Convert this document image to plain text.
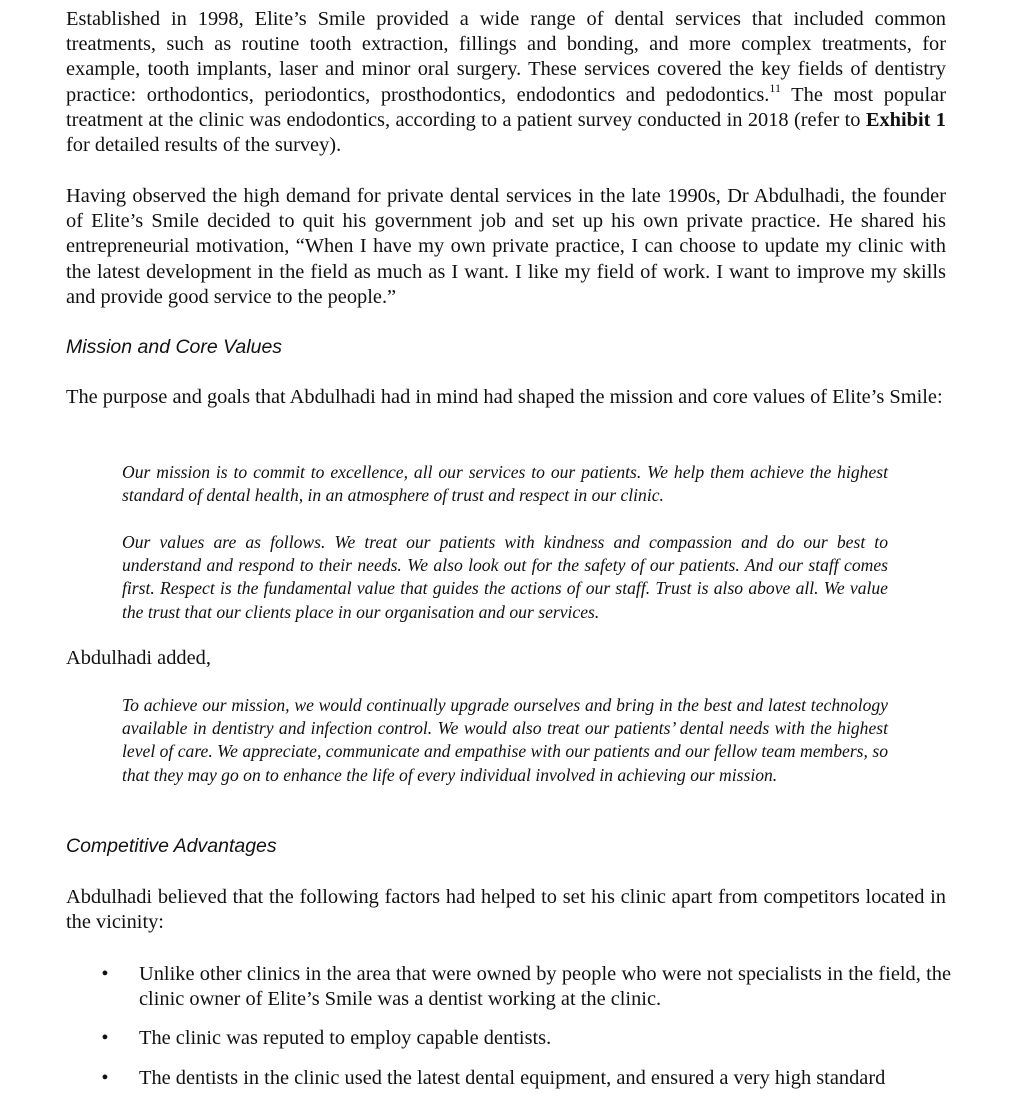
Established in 1998, Elite’s Smile provided a wide range of dental services that included common treatments, such as routine tooth extraction, fillings and bonding, and more complex treatments, for example, tooth implants, laser and minor oral surgery. These services covered the key fields of dentistry practice: orthodontics, periodontics, prosthodontics, endodontics and pedodontics.$^{11}$ The most popular treatment at the clinic was endodontics, according to a patient survey conducted in 2018 (refer to Exhibit 1 for detailed results of the survey).

Having observed the high demand for private dental services in the late 1990s, Dr Abdulhadi, the founder of Elite’s Smile decided to quit his government job and set up his own private practice. He shared his entrepreneurial motivation, “When I have my own private practice, I can choose to update my clinic with the latest development in the field as much as I want. I like my field of work. I want to improve my skills and provide good service to the people.”

Mission and Core Values

The purpose and goals that Abdulhadi had in mind had shaped the mission and core values of Elite’s Smile:

Our mission is to commit to excellence, all our services to our patients. We help them achieve the highest standard of dental health, in an atmosphere of trust and respect in our clinic.

Our values are as follows. We treat our patients with kindness and compassion and do our best to understand and respond to their needs. We also look out for the safety of our patients. And our staff comes first. Respect is the fundamental value that guides the actions of our staff. Trust is also above all. We value the trust that our clients place in our organisation and our services.

Abdulhadi added,

To achieve our mission, we would continually upgrade ourselves and bring in the best and latest technology available in dentistry and infection control. We would also treat our patients’ dental needs with the highest level of care. We appreciate, communicate and empathise with our patients and our fellow team members, so that they may go on to enhance the life of every individual involved in achieving our mission.

Competitive Advantages

Abdulhadi believed that the following factors had helped to set his clinic apart from competitors located in the vicinity:

• Unlike other clinics in the area that were owned by people who were not specialists in the field, the clinic owner of Elite’s Smile was a dentist working at the clinic.
• The clinic was reputed to employ capable dentists.
• The dentists in the clinic used the latest dental equipment, and ensured a very high standard
